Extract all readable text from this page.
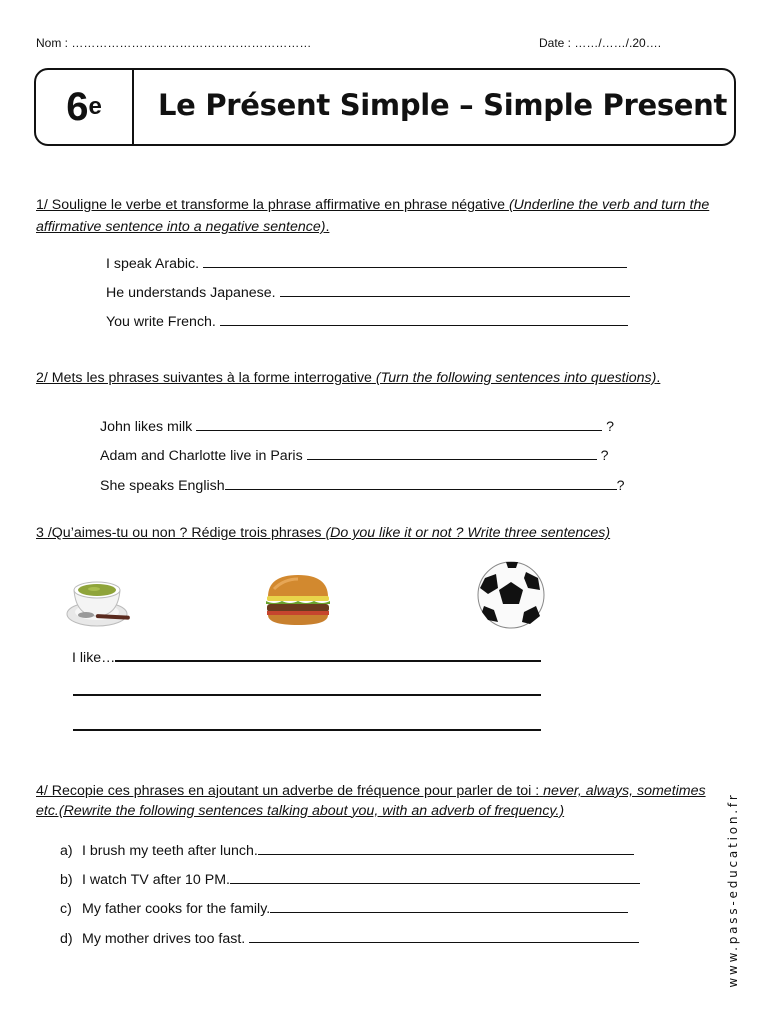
Nom : ……………………………………………………	Date : ……/……/.20….
6 e Le Présent Simple – Simple Present
1/ Souligne le verbe et transforme la phrase affirmative en phrase négative (Underline the verb and turn the affirmative sentence into a negative sentence).
I speak Arabic.
He understands Japanese.
You write French.
2/ Mets les phrases suivantes à la forme interrogative (Turn the following sentences into questions).
John likes milk	?
Adam and Charlotte live in Paris	?
She speaks English	?
3 /Qu’aimes-tu ou non ? Rédige trois phrases (Do you like it or not ? Write three sentences)
I like…
4/ Recopie ces phrases en ajoutant un adverbe de fréquence pour parler de toi : never, always, sometimes etc.(Rewrite the following sentences talking about you, with an adverb of frequency.)
a) I brush my teeth after lunch.
b) I watch TV after 10 PM.
c) My father cooks for the family.
d) My mother drives too fast.	www.pass-education.fr
